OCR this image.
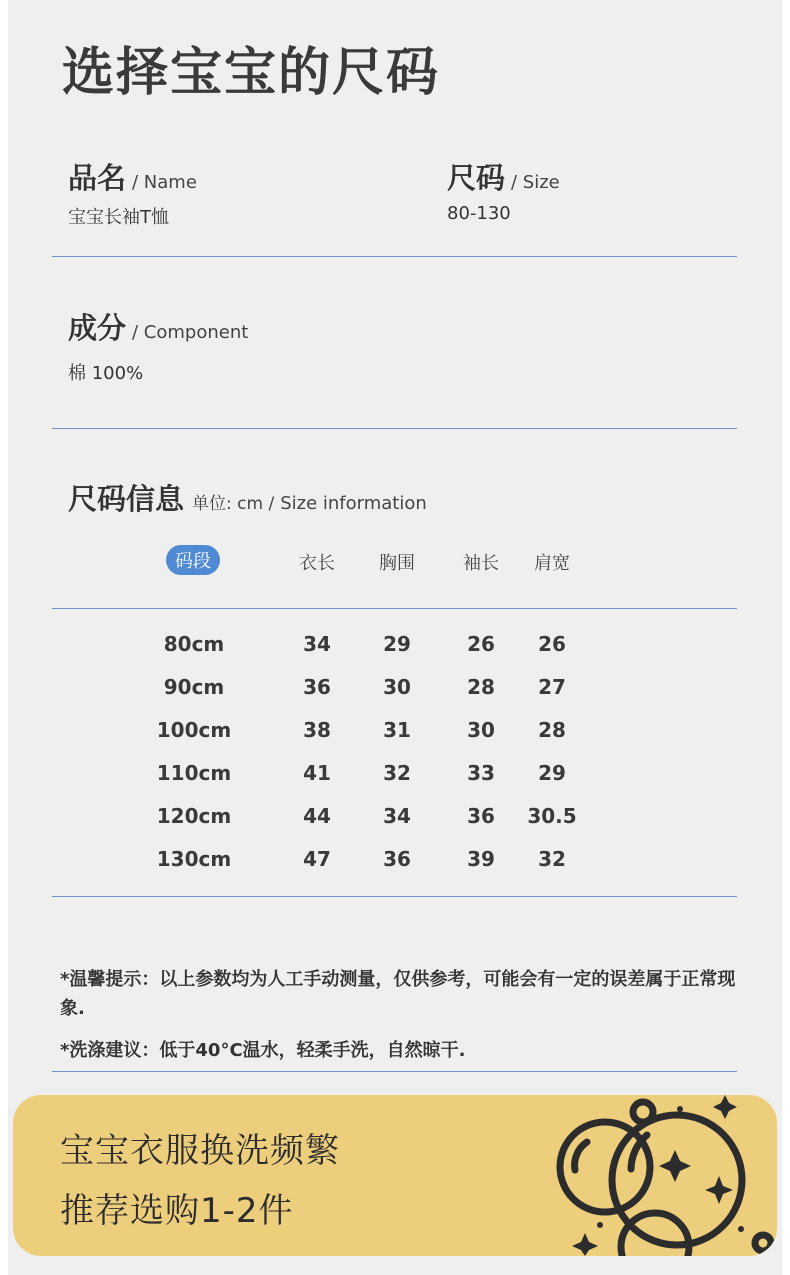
选择宝宝的尺码
品名 / Name
宝宝长袖T恤
尺码 / Size
80-130
成分 / Component
棉 100%
尺码信息 单位: cm / Size information
码段	衣长	胸围	袖长	肩宽
80cm	34	29	26	26
90cm	36	30	28	27
100cm	38	31	30	28
110cm	41	32	33	29
120cm	44	34	36	30.5
130cm	47	36	39	32
*温馨提示：以上参数均为人工手动测量，仅供参考，可能会有一定的误差属于正常现象.
*洗涤建议：低于40°C温水，轻柔手洗，自然晾干.
宝宝衣服换洗频繁
推荐选购1-2件
